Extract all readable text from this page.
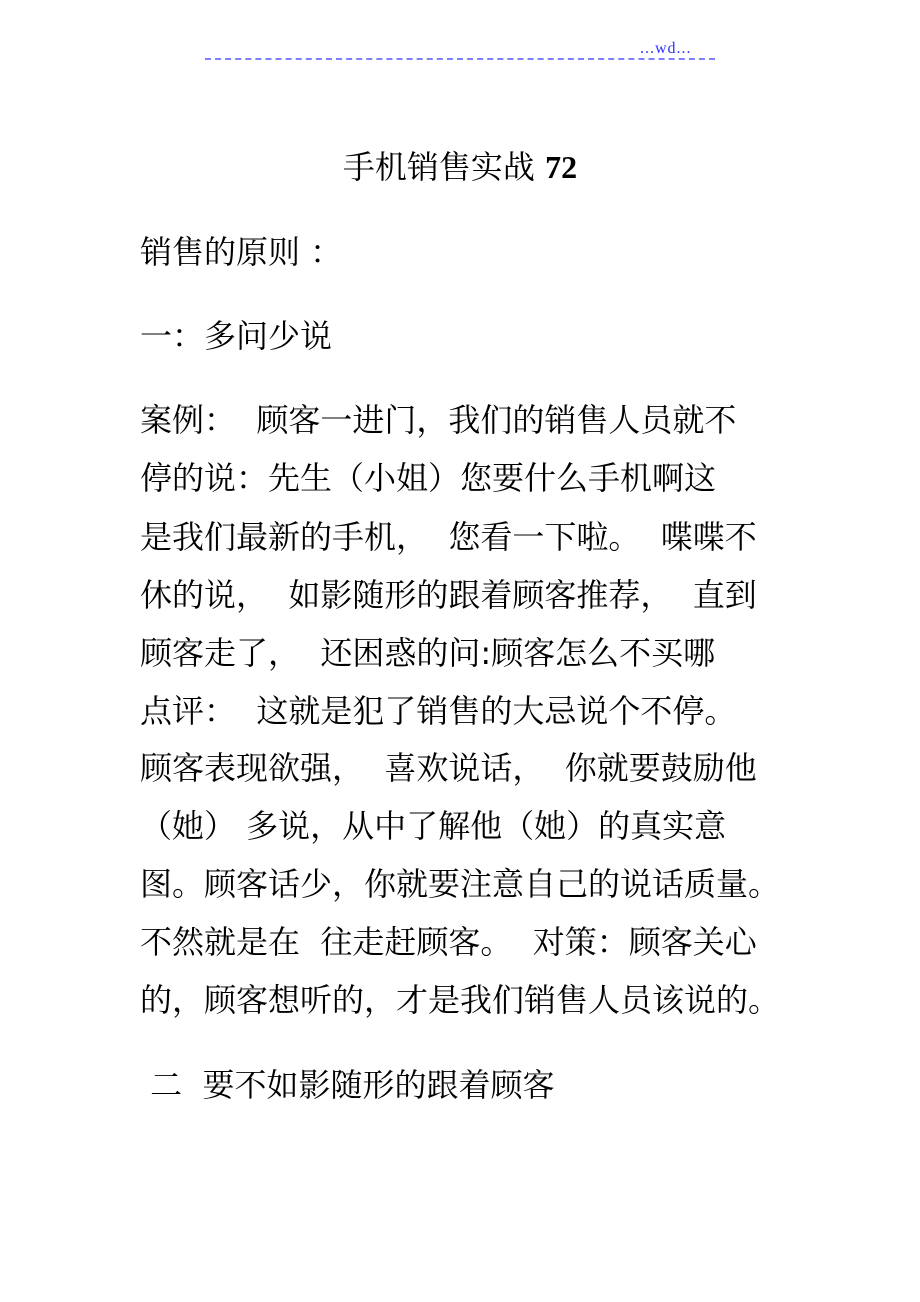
...wd...
手机销售实战 72
销售的原则 ：
一：多问少说
案例：  顾客一进门，我们的销售人员就不
停的说：先生（小姐）您要什么手机啊这
是我们最新的手机，  您看一下啦。  喋喋不
休的说，  如影随形的跟着顾客推荐，  直到
顾客走了，  还困惑的问:顾客怎么不买哪
点评：  这就是犯了销售的大忌说个不停。
顾客表现欲强，  喜欢说话，  你就要鼓励他
（她） 多说，从中了解他（她）的真实意
图。顾客话少，你就要注意自己的说话质量。
不然就是在  往走赶顾客。  对策：顾客关心
的，顾客想听的，才是我们销售人员该说的。
二  要不如影随形的跟着顾客
